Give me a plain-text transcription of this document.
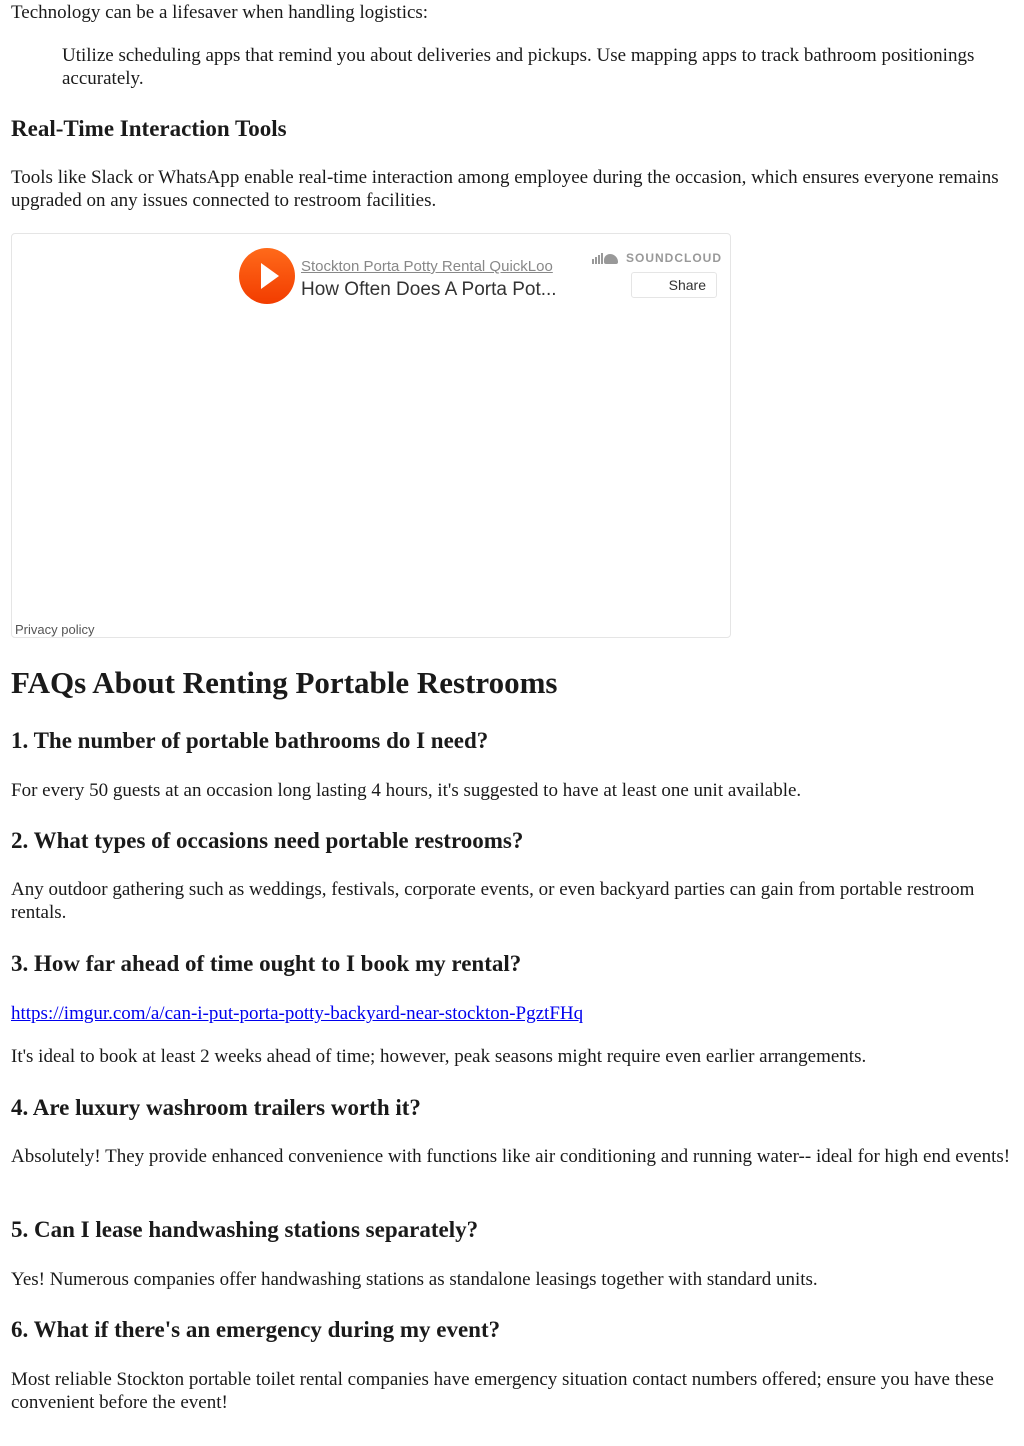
Technology can be a lifesaver when handling logistics:

Utilize scheduling apps that remind you about deliveries and pickups. Use mapping apps to track bathroom positionings accurately.

Real-Time Interaction Tools

Tools like Slack or WhatsApp enable real-time interaction among employee during the occasion, which ensures everyone remains upgraded on any issues connected to restroom facilities.

Stockton Porta Potty Rental QuickLoo
How Often Does A Porta Pot...
SOUNDCLOUD
Share
Privacy policy
FAQs About Renting Portable Restrooms
1. The number of portable bathrooms do I need?

For every 50 guests at an occasion long lasting 4 hours, it's suggested to have at least one unit available.

2. What types of occasions need portable restrooms?

Any outdoor gathering such as weddings, festivals, corporate events, or even backyard parties can gain from portable restroom rentals.

3. How far ahead of time ought to I book my rental?

https://imgur.com/a/can-i-put-porta-potty-backyard-near-stockton-PgztFHq

It's ideal to book at least 2 weeks ahead of time; however, peak seasons might require even earlier arrangements.

4. Are luxury washroom trailers worth it?

Absolutely! They provide enhanced convenience with functions like air conditioning and running water-- ideal for high end events!

5. Can I lease handwashing stations separately?

Yes! Numerous companies offer handwashing stations as standalone leasings together with standard units.

6. What if there's an emergency during my event?

Most reliable Stockton portable toilet rental companies have emergency situation contact numbers offered; ensure you have these convenient before the event!
